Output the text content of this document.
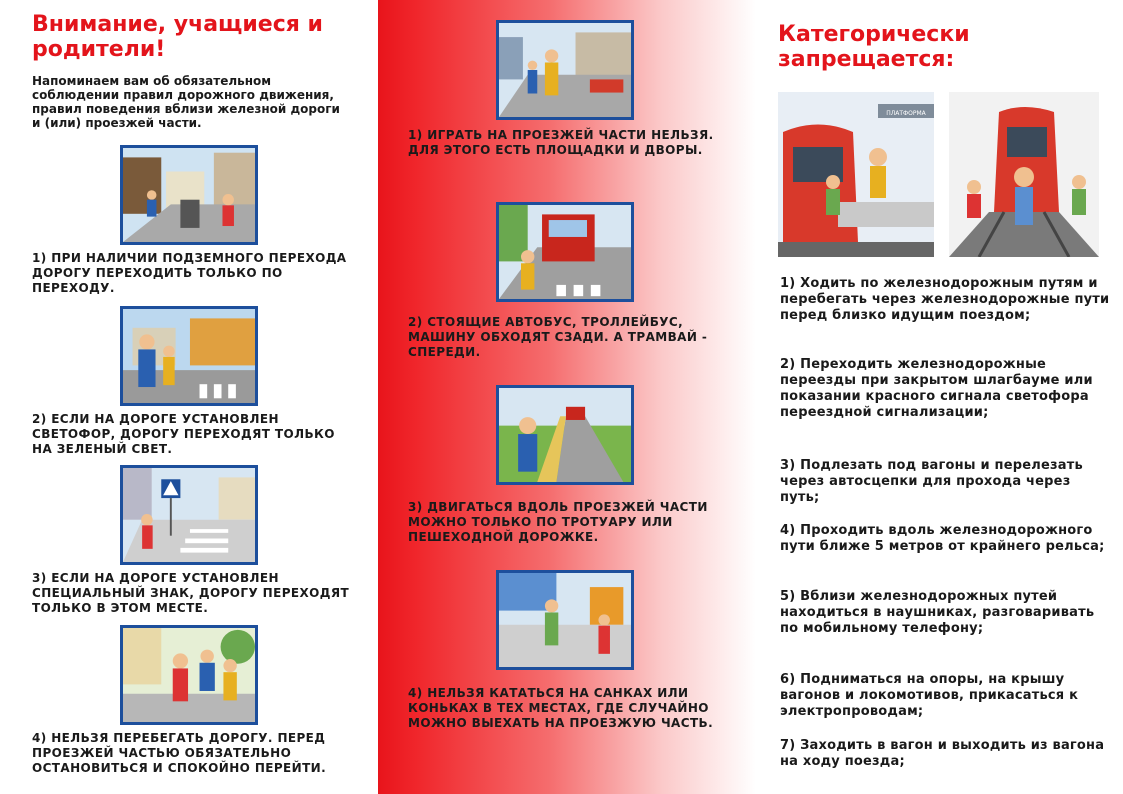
Внимание, учащиеся и родители!

Напоминаем вам об обязательном соблюдении правил дорожного движения, правил поведения вблизи железной дороги и (или) проезжей части.

1) ПРИ НАЛИЧИИ ПОДЗЕМНОГО ПЕРЕХОДА ДОРОГУ ПЕРЕХОДИТЬ ТОЛЬКО ПО ПЕРЕХОДУ.

2) ЕСЛИ НА ДОРОГЕ УСТАНОВЛЕН СВЕТОФОР, ДОРОГУ ПЕРЕХОДЯТ ТОЛЬКО НА ЗЕЛЕНЫЙ СВЕТ.

3) ЕСЛИ НА ДОРОГЕ УСТАНОВЛЕН СПЕЦИАЛЬНЫЙ ЗНАК, ДОРОГУ ПЕРЕХОДЯТ ТОЛЬКО В ЭТОМ МЕСТЕ.

4) НЕЛЬЗЯ ПЕРЕБЕГАТЬ ДОРОГУ. ПЕРЕД ПРОЕЗЖЕЙ ЧАСТЬЮ ОБЯЗАТЕЛЬНО ОСТАНОВИТЬСЯ И СПОКОЙНО ПЕРЕЙТИ.

1) ИГРАТЬ НА ПРОЕЗЖЕЙ ЧАСТИ НЕЛЬЗЯ. ДЛЯ ЭТОГО ЕСТЬ ПЛОЩАДКИ И ДВОРЫ.

2) СТОЯЩИЕ АВТОБУС, ТРОЛЛЕЙБУС, МАШИНУ ОБХОДЯТ СЗАДИ. А ТРАМВАЙ - СПЕРЕДИ.

3) ДВИГАТЬСЯ ВДОЛЬ ПРОЕЗЖЕЙ ЧАСТИ МОЖНО ТОЛЬКО ПО ТРОТУАРУ ИЛИ ПЕШЕХОДНОЙ ДОРОЖКЕ.

4) НЕЛЬЗЯ КАТАТЬСЯ НА САНКАХ ИЛИ КОНЬКАХ В ТЕХ МЕСТАХ, ГДЕ СЛУЧАЙНО МОЖНО ВЫЕХАТЬ НА ПРОЕЗЖУЮ ЧАСТЬ.

Категорически запрещается:
ПЛАТФОРМА

1) Ходить по железнодорожным путям и перебегать через железнодорожные пути перед близко идущим поездом;

2) Переходить железнодорожные переезды при закрытом шлагбауме или показании красного сигнала светофора переездной сигнализации;

3) Подлезать под вагоны и перелезать через автосцепки для прохода через путь;

4) Проходить вдоль железнодорожного пути ближе 5 метров от крайнего рельса;

5) Вблизи железнодорожных путей находиться в наушниках, разговаривать по мобильному телефону;

6) Подниматься на опоры, на крышу вагонов и локомотивов, прикасаться к электропроводам;

7) Заходить в вагон и выходить из вагона на ходу поезда;
